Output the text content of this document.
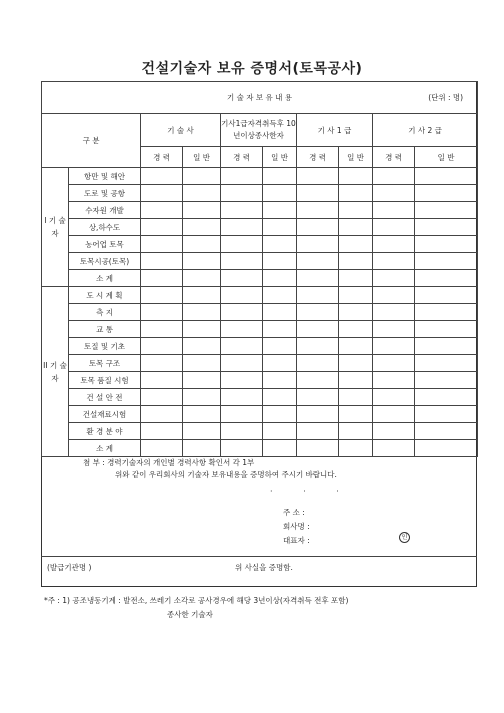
건설기술자 보유 증명서(토목공사)
기 술 자 보 유 내 용 (단위 : 명)									

구 분		기 술 사		기사1급자격취득후 10년이상종사한자		기 사 1 급		기 사 2 급	
		경 력	일 반	경 력	일 반	경 력	일 반	경 력	일 반
I 기 술 자	항만 및 해안								
	도로 및 공항								
	수자원 개발								
	상,하수도								
	농어업 토목								
	토목시공(토목)								
	소 계								
II 기 술 자	도 시 계 획								
	측 지								
	교 통								
	토질 및 기초								
	토목 구조								
	토목 품질 시험								
	건 설 안 전								
	건설재료시험								
	환 경 분 야								
	소 계								
첨 부 : 경력기술자의 개인별 경력사항 확인서 각 1부
위와 같이 우리회사의 기술자 보유내용을 증명하여 주시기 바랍니다.
· · ·
주 소 :
회사명 :
대표자 :	인
(발급기관명 )	위 사실을 증명함.
*주 : 1) 공조냉동기계 : 발전소, 쓰레기 소각로 공사경우에 해당 3년이상(자격취득 전후 포함)
종사한 기술자
